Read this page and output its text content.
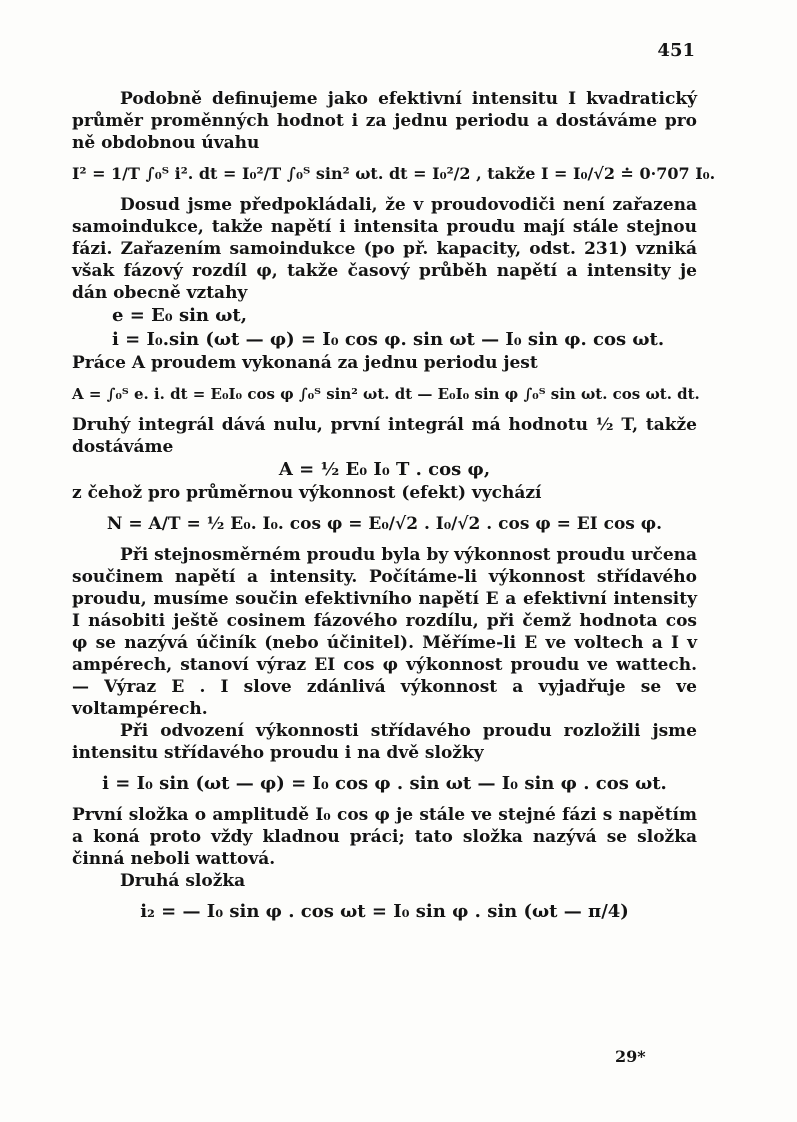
451

Podobně definujeme jako efektivní intensitu I kvadratický průměr proměnných hodnot i za jednu periodu a dostáváme pro ně obdobnou úvahu

I² = 1/T ∫₀ᵀ i². dt = I₀²/T ∫₀ᵀ sin² ωt. dt = I₀²/2 , takže I = I₀/√2 ≐ 0·707 I₀.

Dosud jsme předpokládali, že v proudovodiči není zařazena samoindukce, takže napětí i intensita proudu mají stále stejnou fázi. Zařazením samoindukce (po př. kapacity, odst. 231) vzniká však fázový rozdíl φ, takže časový průběh napětí a intensity je dán obecně vztahy

e = E₀ sin ωt,

i = I₀.sin (ωt — φ) = I₀ cos φ. sin ωt — I₀ sin φ. cos ωt.

Práce A proudem vykonaná za jednu periodu jest

A = ∫₀ᵀ e. i. dt = E₀I₀ cos φ ∫₀ᵀ sin² ωt. dt — E₀I₀ sin φ ∫₀ᵀ sin ωt. cos ωt. dt.

Druhý integrál dává nulu, první integrál má hodnotu ½ T, takže dostáváme

A = ½ E₀ I₀ T . cos φ,

z čehož pro průměrnou výkonnost (efekt) vychází

N = A/T = ½ E₀. I₀. cos φ = E₀/√2 . I₀/√2 . cos φ = EI cos φ.

Při stejnosměrném proudu byla by výkonnost proudu určena součinem napětí a intensity. Počítáme-li výkonnost střídavého proudu, musíme součin efektivního napětí E a efektivní intensity I násobiti ještě cosinem fázového rozdílu, při čemž hodnota cos φ se nazývá účiník (nebo účinitel). Měříme-li E ve voltech a I v ampérech, stanoví výraz EI cos φ výkonnost proudu ve wattech. — Výraz E . I slove zdánlivá výkonnost a vyjadřuje se ve voltampérech.

Při odvození výkonnosti střídavého proudu rozložili jsme intensitu střídavého proudu i na dvě složky

i = I₀ sin (ωt — φ) = I₀ cos φ . sin ωt — I₀ sin φ . cos ωt.

První složka o amplitudě I₀ cos φ je stále ve stejné fázi s napětím a koná proto vždy kladnou práci; tato složka nazývá se složka činná neboli wattová.

Druhá složka

i₂ = — I₀ sin φ . cos ωt = I₀ sin φ . sin (ωt — π/4)

29*
